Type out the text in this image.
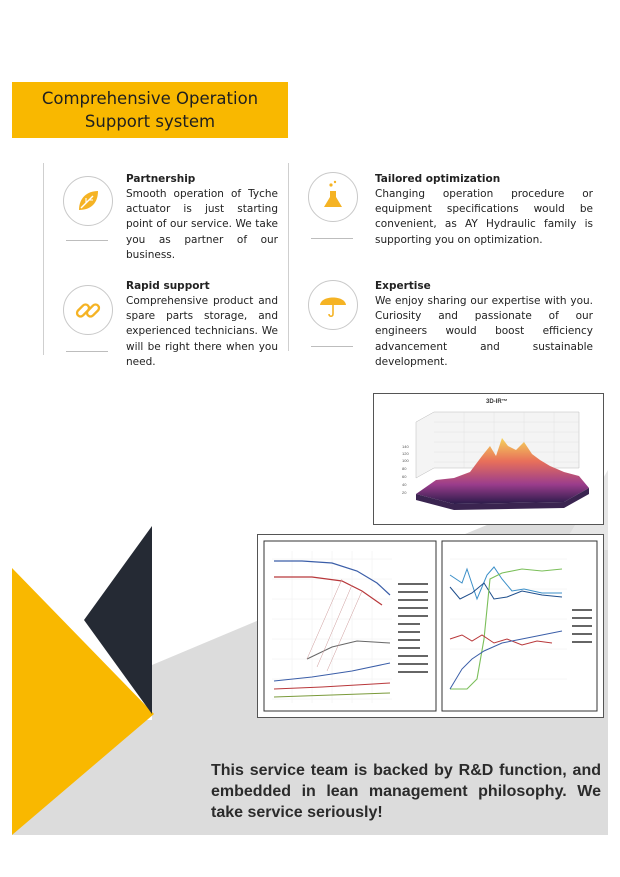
Comprehensive Operation
Support system
Partnership

Smooth operation of Tyche actuator is just starting point of our service. We take you as partner of our business.

Tailored optimization

Changing operation procedure or equipment specifications would be convenient, as AY Hydraulic family is supporting you on optimization.

Rapid support

Comprehensive product and spare parts storage, and experienced technicians. We will be right there when you need.

Expertise

We enjoy sharing our expertise with you. Curiosity and passionate of our engineers would boost efficiency advancement and sustainable development.

3D-IR™
140
120
100
80
60
40
20
This service team is backed by R&D function, and embedded in lean management philosophy. We take service seriously!
